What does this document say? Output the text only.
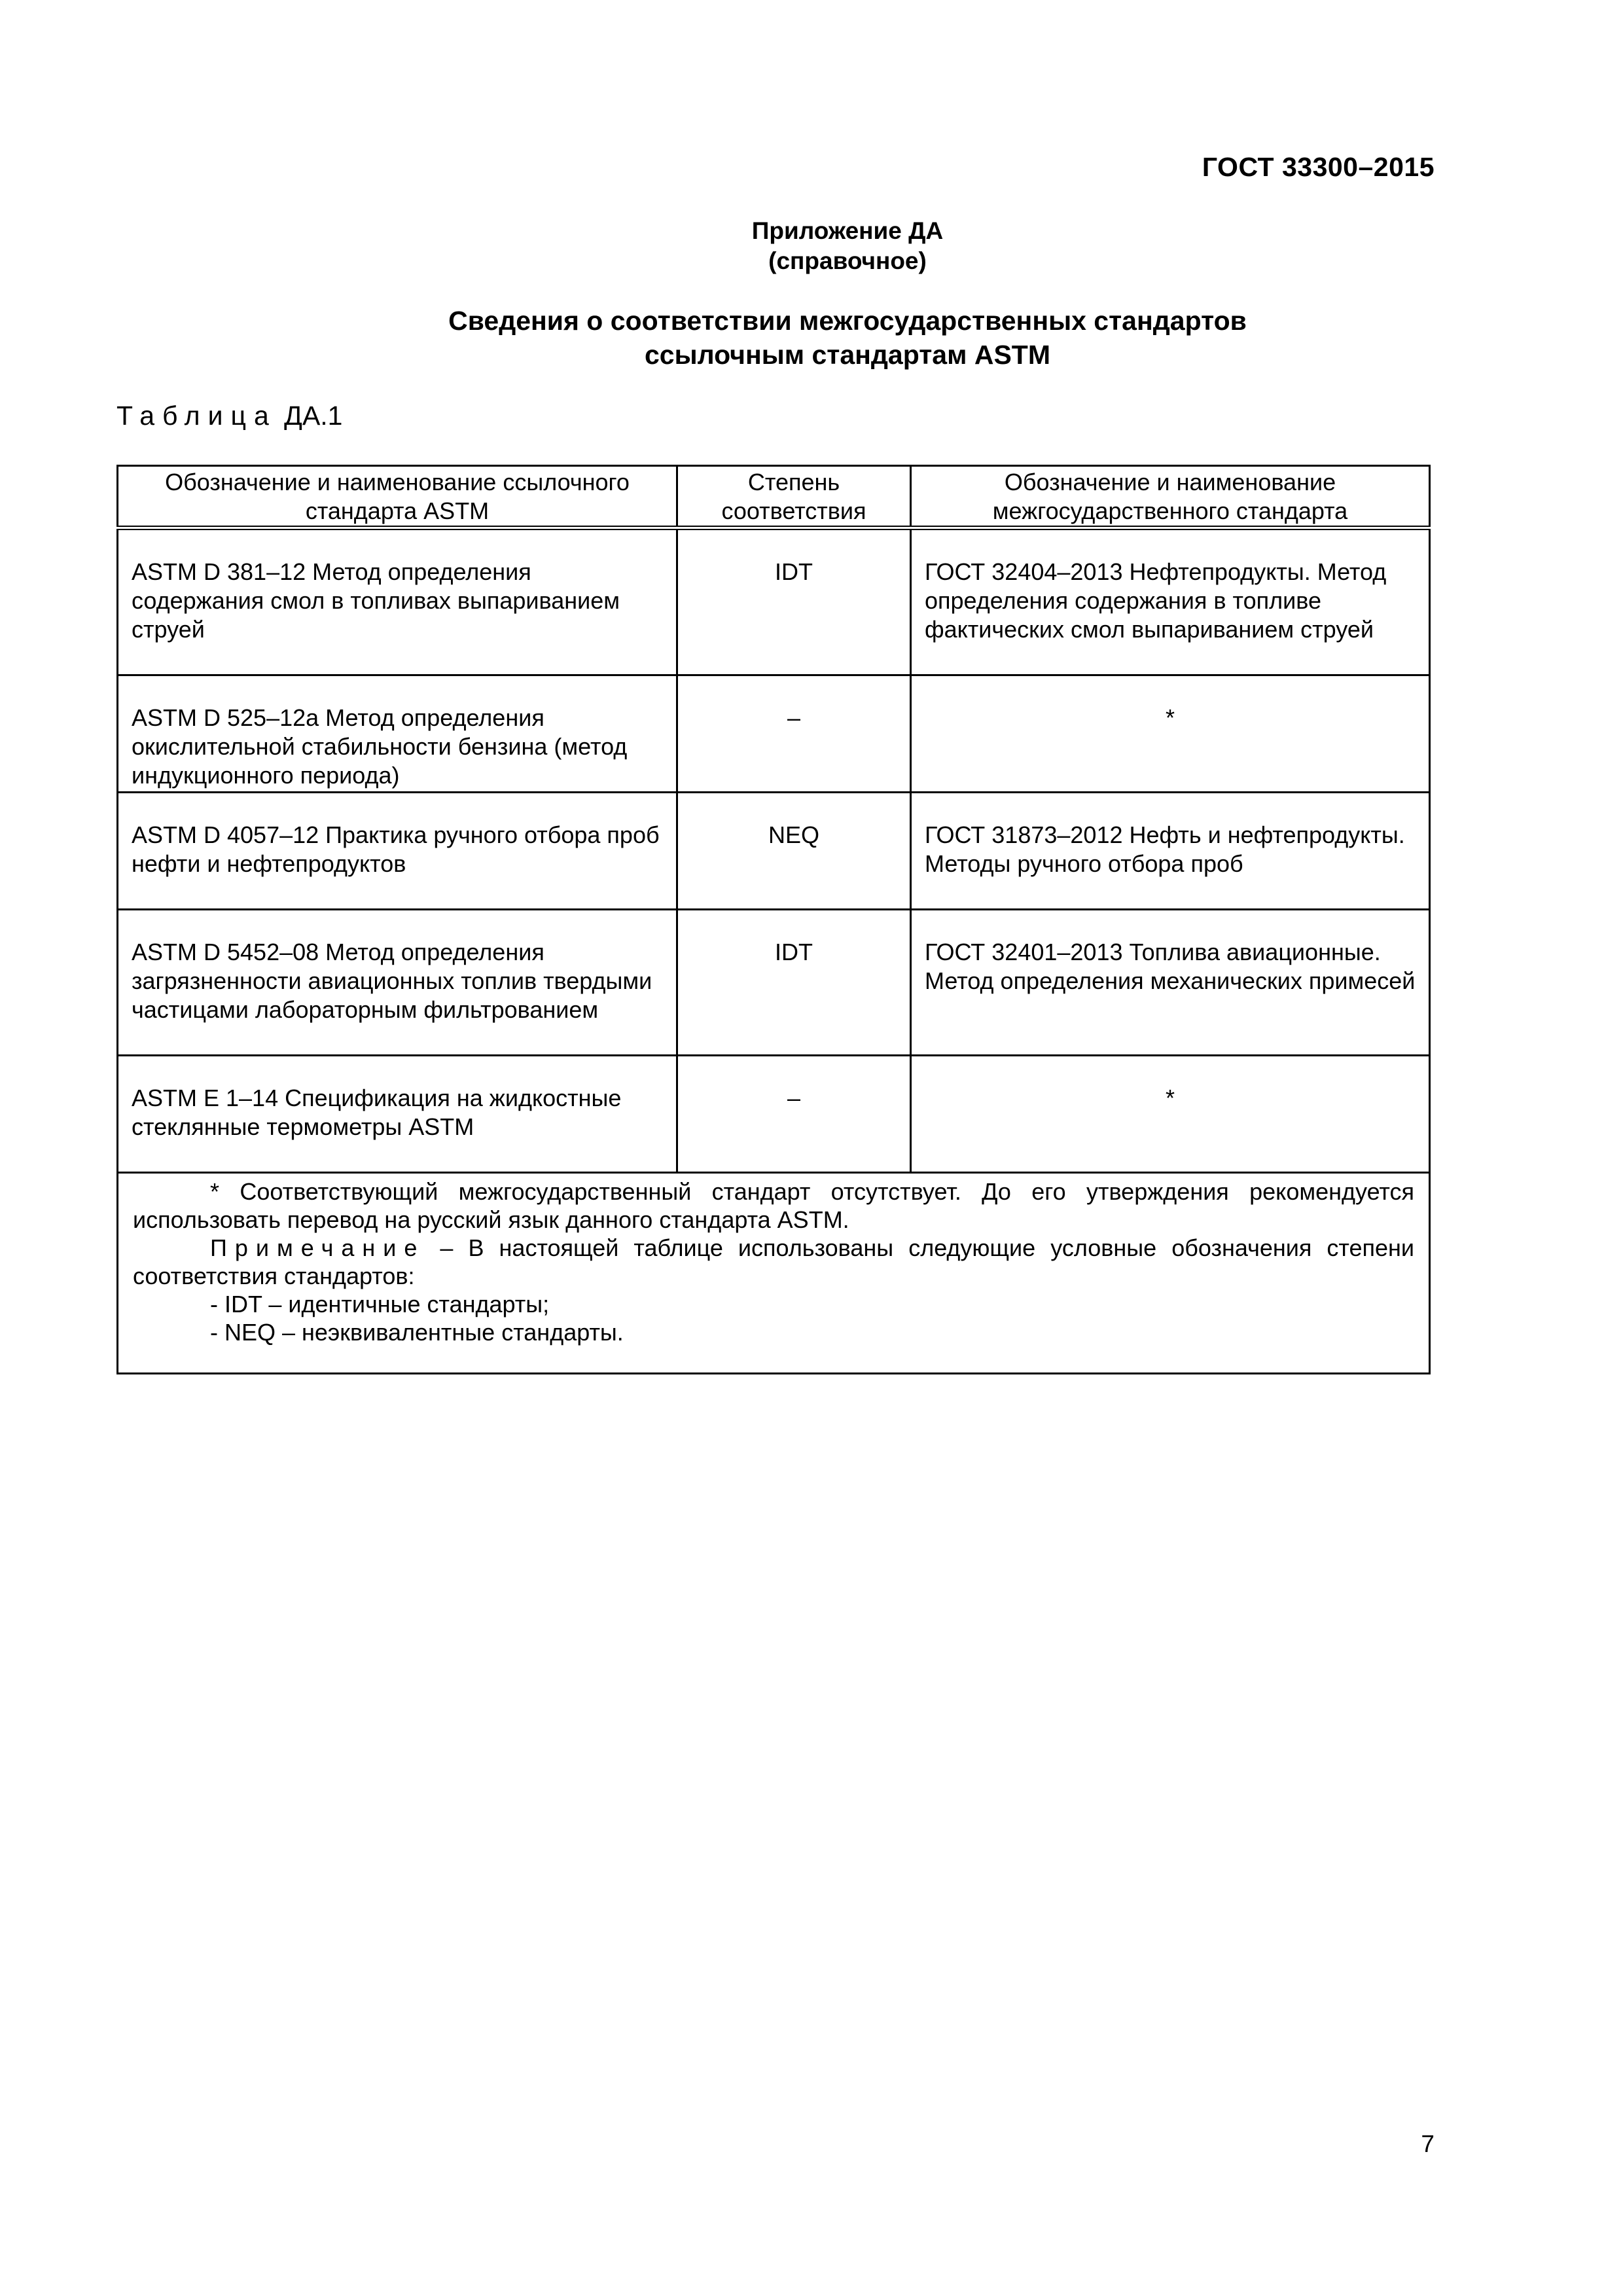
ГОСТ 33300–2015
Приложение ДА
(справочное)
Сведения о соответствии межгосударственных стандартов
ссылочным стандартам ASTM
Таблица ДА.1
Обозначение и наименование ссылочного стандарта ASTM	Степень соответствия	Обозначение и наименование межгосударственного стандарта
ASTM D 381–12 Метод определения содержания смол в топливах выпариванием струей	IDT	ГОСТ 32404–2013 Нефтепродукты. Метод определения содержания в топливе фактических смол выпариванием струей
ASTM D 525–12a Метод определения окислительной стабильности бензина (метод индукционного периода)	–	*
ASTM D 4057–12 Практика ручного отбора проб нефти и нефтепродуктов	NEQ	ГОСТ 31873–2012 Нефть и нефтепродукты. Методы ручного отбора проб
ASTM D 5452–08 Метод определения загрязненности авиационных топлив твердыми частицами лабораторным фильтрованием	IDT	ГОСТ 32401–2013 Топлива авиационные. Метод определения механических примесей
ASTM E 1–14 Спецификация на жидкостные стеклянные термометры ASTM	–	*

* Соответствующий межгосударственный стандарт отсутствует. До его утверждения рекомендуется использовать перевод на русский язык данного стандарта ASTM.
Примечание – В настоящей таблице использованы следующие условные обозначения степени соответствия стандартов:
- IDT – идентичные стандарты;
- NEQ – неэквивалентные стандарты.		
7
